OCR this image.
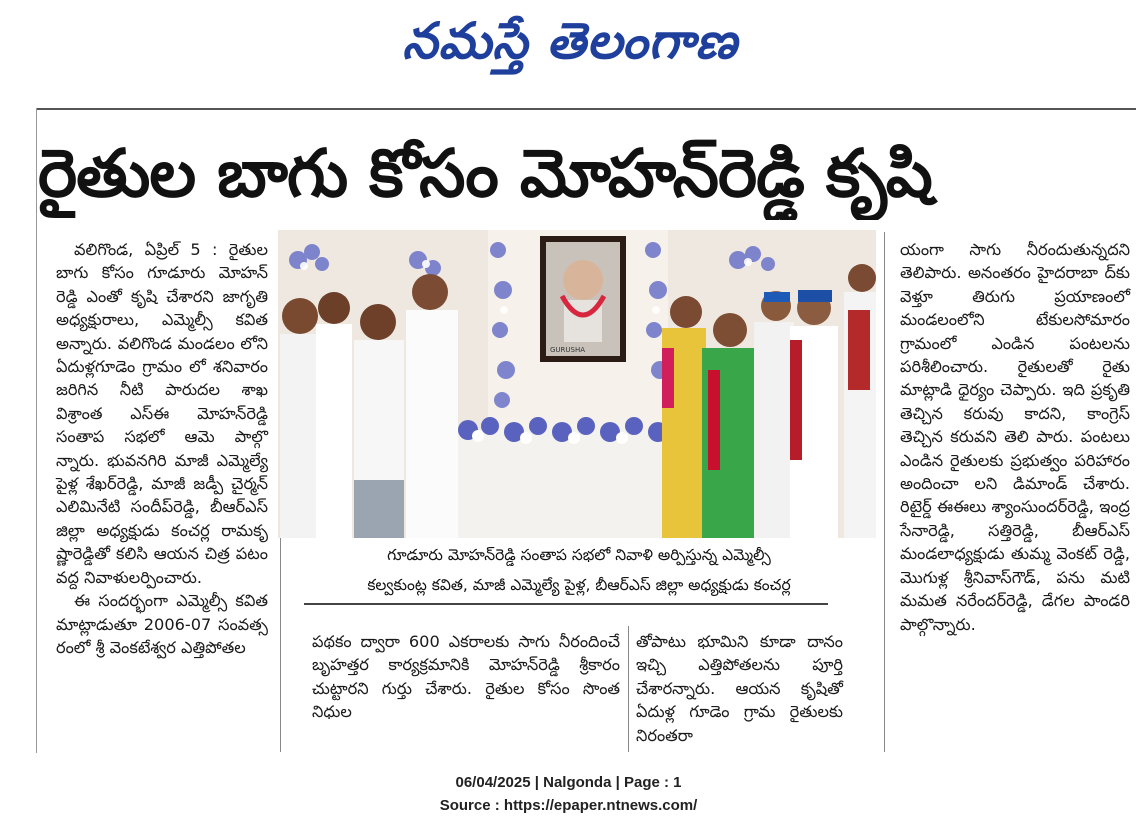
నమస్తే తెలంగాణ
రైతుల బాగు కోసం మోహన్‌రెడ్డి కృషి

వలిగొండ, ఏప్రిల్ 5 : రైతుల బాగు కోసం గూడూరు మోహన్ రెడ్డి ఎంతో కృషి చేశారని జాగృతి అధ్యక్షురాలు, ఎమ్మెల్సీ కవిత అన్నారు. వలిగొండ మండలం లోని ఏదుళ్లగూడెం గ్రామం లో శనివారం జరిగిన నీటి పారుదల శాఖ విశ్రాంత ఎస్ఈ మోహన్‌రెడ్డి సంతాప సభలో ఆమె పాల్గొ న్నారు. భువనగిరి మాజీ ఎమ్మెల్యే పైళ్ల శేఖర్‌రెడ్డి, మాజీ జడ్పీ చైర్మన్ ఎలిమినేటి సందీప్‌రెడ్డి, బీఆర్ఎస్ జిల్లా అధ్యక్షుడు కంచర్ల రామకృ ష్ణారెడ్డితో కలిసి ఆయన చిత్ర పటం వద్ద నివాళులర్పించారు.

ఈ సందర్భంగా ఎమ్మెల్సీ కవిత మాట్లాడుతూ 2006-07 సంవత్స రంలో శ్రీ వెంకటేశ్వర ఎత్తిపోతల

GURUSHA
గూడూరు మోహన్‌రెడ్డి సంతాప సభలో నివాళి అర్పిస్తున్న ఎమ్మెల్సీ
కల్వకుంట్ల కవిత, మాజీ ఎమ్మెల్యే పైళ్ల, బీఆర్ఎస్ జిల్లా అధ్యక్షుడు కంచర్ల

పథకం ద్వారా 600 ఎకరాలకు సాగు నీరందించే బృహత్తర కార్యక్రమానికి మోహన్‌రెడ్డి శ్రీకారం చుట్టారని గుర్తు చేశారు. రైతుల కోసం సొంత నిధుల

తోపాటు భూమిని కూడా దానం ఇచ్చి ఎత్తిపోతలను పూర్తి చేశారన్నారు. ఆయన కృషితో ఏదుళ్ల గూడెం గ్రామ రైతులకు నిరంతరా

యంగా సాగు నీరందుతున్నదని తెలిపారు. అనంతరం హైదరాబా ద్‌కు వెళ్తూ తిరుగు ప్రయాణంలో మండలంలోని టేకులసోమారం గ్రామంలో ఎండిన పంటలను పరిశీలించారు. రైతులతో రైతు మాట్లాడి ధైర్యం చెప్పారు. ఇది ప్రకృతి తెచ్చిన కరువు కాదని, కాంగ్రెస్ తెచ్చిన కరువని తెలి పారు. పంటలు ఎండిన రైతులకు ప్రభుత్వం పరిహారం అందించా లని డిమాండ్ చేశారు. రిటైర్డ్ ఈఈలు శ్యాంసుందర్‌రెడ్డి, ఇంద్ర సేనారెడ్డి, సత్తిరెడ్డి, బీఆర్ఎస్ మండలాధ్యక్షుడు తుమ్మ వెంకట్ రెడ్డి, మొగుళ్ల శ్రీనివాస్‌గౌడ్, పను మటి మమత నరేందర్‌రెడ్డి, డేగల పాండరి పాల్గొన్నారు.

06/04/2025 | Nalgonda | Page : 1
Source : https://epaper.ntnews.com/
